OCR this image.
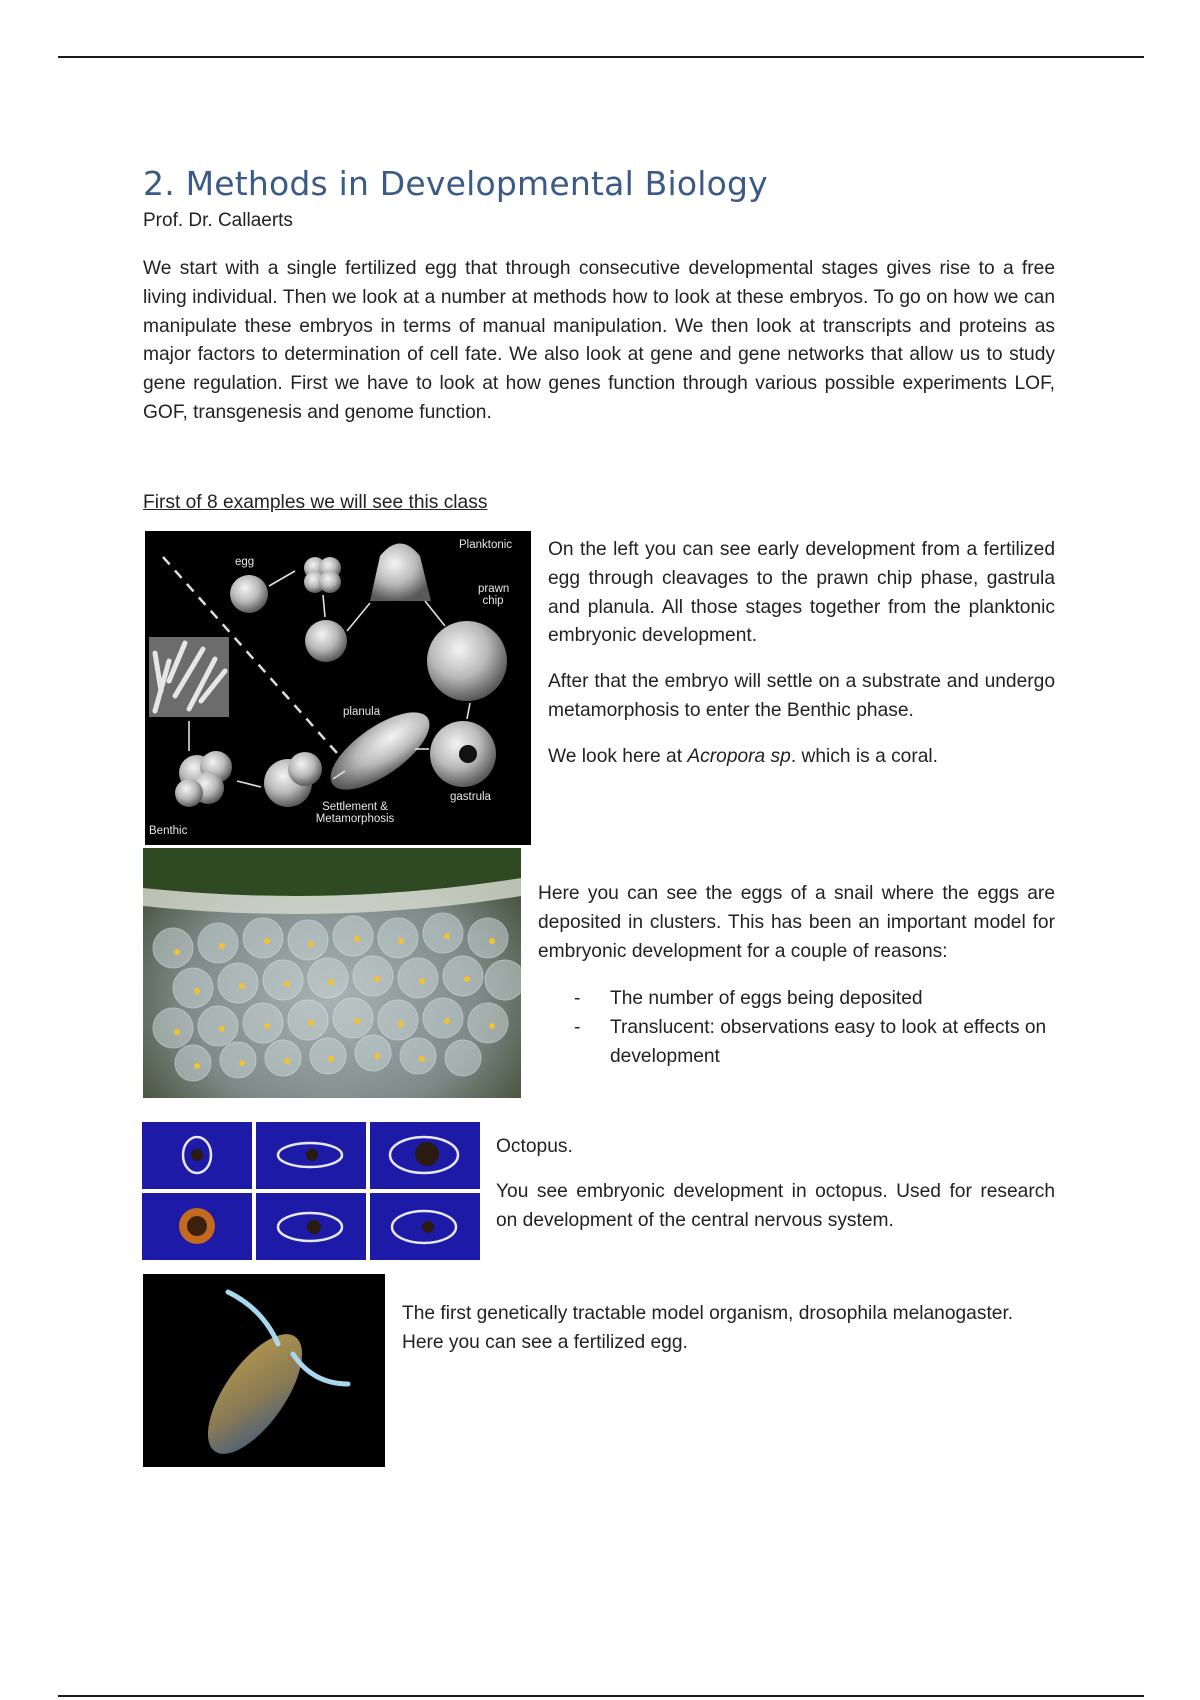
2. Methods in Developmental Biology
Prof. Dr. Callaerts

We start with a single fertilized egg that through consecutive developmental stages gives rise to a free living individual. Then we look at a number at methods how to look at these embryos. To go on how we can manipulate these embryos in terms of manual manipulation. We then look at transcripts and proteins as major factors to determination of cell fate. We also look at gene and gene networks that allow us to study gene regulation. First we have to look at how genes function through various possible experiments LOF, GOF, transgenesis and genome function.

First of 8 examples we will see this class
Planktonic
egg
prawn chip
planula
gastrula
Settlement & Metamorphosis
Benthic

On the left you can see early development from a fertilized egg through cleavages to the prawn chip phase, gastrula and planula. All those stages together from the planktonic embryonic development.

After that the embryo will settle on a substrate and undergo metamorphosis to enter the Benthic phase.

We look here at Acropora sp. which is a coral.

Here you can see the eggs of a snail where the eggs are deposited in clusters. This has been an important model for embryonic development for a couple of reasons:

- The number of eggs being deposited
- Translucent: observations easy to look at effects on development

Octopus.

You see embryonic development in octopus. Used for research on development of the central nervous system.

The first genetically tractable model organism, drosophila melanogaster. Here you can see a fertilized egg.
